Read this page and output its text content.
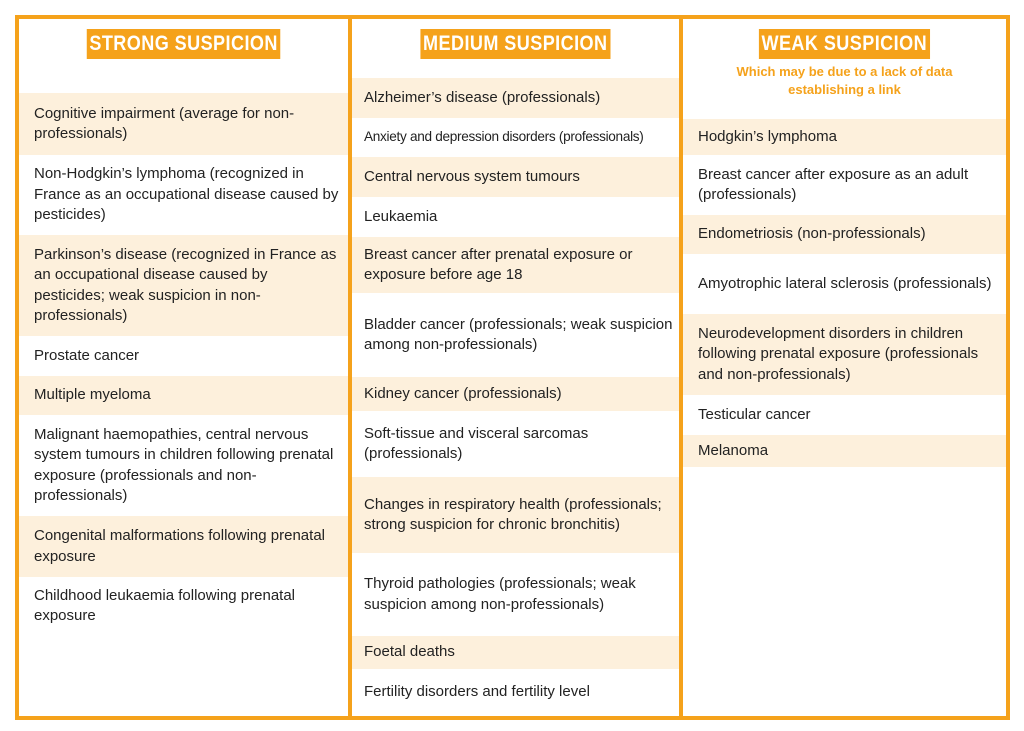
STRONG SUSPICION
Cognitive impairment (average for non-professionals)
Non-Hodgkin’s lymphoma (recognized in France as an occupational disease caused by pesticides)
Parkinson’s disease (recognized in France as an occupational disease caused by pesticides; weak suspicion in non-professionals)
Prostate cancer
Multiple myeloma
Malignant haemopathies, central nervous system tumours in children following prenatal exposure (professionals and non-professionals)
Congenital malformations following prenatal exposure
Childhood leukaemia following prenatal exposure
MEDIUM SUSPICION
Alzheimer’s disease (professionals)
Anxiety and depression disorders (professionals)
Central nervous system tumours
Leukaemia
Breast cancer after prenatal exposure or exposure before age 18
Bladder cancer (professionals; weak suspicion among non-professionals)
Kidney cancer (professionals)
Soft-tissue and visceral sarcomas (professionals)
Changes in respiratory health (professionals; strong suspicion for chronic bronchitis)
Thyroid pathologies (professionals; weak suspicion among non-professionals)
Foetal deaths
Fertility disorders and fertility level
WEAK SUSPICION
Which may be due to a lack of data establishing a link
Hodgkin’s lymphoma
Breast cancer after exposure as an adult (professionals)
Endometriosis (non-professionals)
Amyotrophic lateral sclerosis (professionals)
Neurodevelopment disorders in children following prenatal exposure (professionals and non-professionals)
Testicular cancer
Melanoma
